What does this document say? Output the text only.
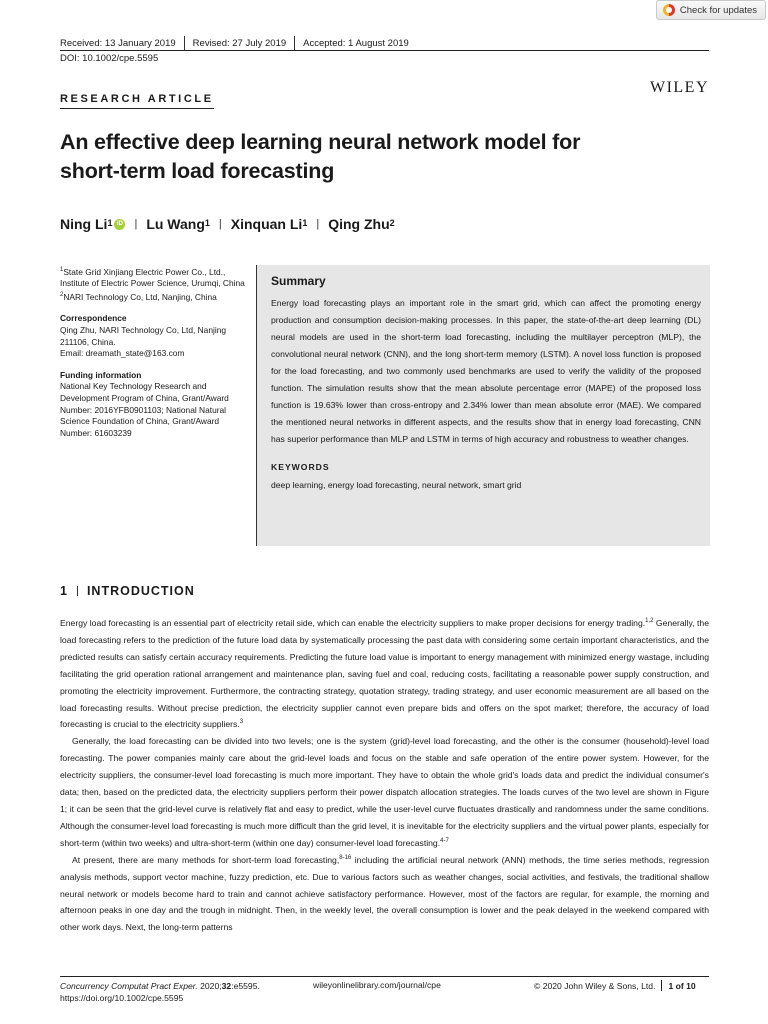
Check for updates
Received: 13 January 2019 Revised: 27 July 2019 Accepted: 1 August 2019
DOI: 10.1002/cpe.5595
WILEY
RESEARCH ARTICLE
An effective deep learning neural network model for
short-term load forecasting
Ning Li$^1$ iD | Lu Wang$^1$ | Xinquan Li$^1$ | Qing Zhu$^2$
$^1$State Grid Xinjiang Electric Power Co., Ltd., Institute of Electric Power Science, Urumqi, China
$^2$NARI Technology Co, Ltd, Nanjing, China
Correspondence
Qing Zhu, NARI Technology Co, Ltd, Nanjing 211106, China.
Email: dreamath_state@163.com
Funding information
National Key Technology Research and Development Program of China, Grant/Award Number: 2016YFB0901103; National Natural Science Foundation of China, Grant/Award Number: 61603239
Summary
Energy load forecasting plays an important role in the smart grid, which can affect the promoting energy production and consumption decision-making processes. In this paper, the state-of-the-art deep learning (DL) neural models are used in the short-term load forecasting, including the multilayer perceptron (MLP), the convolutional neural network (CNN), and the long short-term memory (LSTM). A novel loss function is proposed for the load forecasting, and two commonly used benchmarks are used to verify the validity of the proposed function. The simulation results show that the mean absolute percentage error (MAPE) of the proposed loss function is 19.63% lower than cross-entropy and 2.34% lower than mean absolute error (MAE). We compared the mentioned neural networks in different aspects, and the results show that in energy load forecasting, CNN has superior performance than MLP and LSTM in terms of high accuracy and robustness to weather changes.
KEYWORDS
deep learning, energy load forecasting, neural network, smart grid
1 INTRODUCTION

Energy load forecasting is an essential part of electricity retail side, which can enable the electricity suppliers to make proper decisions for energy trading.$^{1,2}$ Generally, the load forecasting refers to the prediction of the future load data by systematically processing the past data with considering some certain important characteristics, and the predicted results can satisfy certain accuracy requirements. Predicting the future load value is important to energy management with minimized energy wastage, including facilitating the grid operation rational arrangement and maintenance plan, saving fuel and coal, reducing costs, facilitating a reasonable power supply construction, and promoting the electricity improvement. Furthermore, the contracting strategy, quotation strategy, trading strategy, and user economic measurement are all based on the load forecasting results. Without precise prediction, the electricity supplier cannot even prepare bids and offers on the spot market; therefore, the accuracy of load forecasting is crucial to the electricity suppliers.$^3$

Generally, the load forecasting can be divided into two levels; one is the system (grid)-level load forecasting, and the other is the consumer (household)-level load forecasting. The power companies mainly care about the grid-level loads and focus on the stable and safe operation of the entire power system. However, for the electricity suppliers, the consumer-level load forecasting is much more important. They have to obtain the whole grid's loads data and predict the individual consumer's data; then, based on the predicted data, the electricity suppliers perform their power dispatch allocation strategies. The loads curves of the two level are shown in Figure 1; it can be seen that the grid-level curve is relatively flat and easy to predict, while the user-level curve fluctuates drastically and randomness under the same conditions. Although the consumer-level load forecasting is much more difficult than the grid level, it is inevitable for the electricity suppliers and the virtual power plants, especially for short-term (within two weeks) and ultra-short-term (within one day) consumer-level load forecasting.$^{4-7}$

At present, there are many methods for short-term load forecasting,$^{8-16}$ including the artificial neural network (ANN) methods, the time series methods, regression analysis methods, support vector machine, fuzzy prediction, etc. Due to various factors such as weather changes, social activities, and festivals, the traditional shallow neural network or models become hard to train and cannot achieve satisfactory performance. However, most of the factors are regular, for example, the morning and afternoon peaks in one day and the trough in midnight. Then, in the weekly level, the overall consumption is lower and the peak delayed in the weekend compared with other work days. Next, the long-term patterns

Concurrency Computat Pract Exper. 2020;32:e5595.
https://doi.org/10.1002/cpe.5595
wileyonlinelibrary.com/journal/cpe	© 2020 John Wiley & Sons, Ltd. 1 of 10
